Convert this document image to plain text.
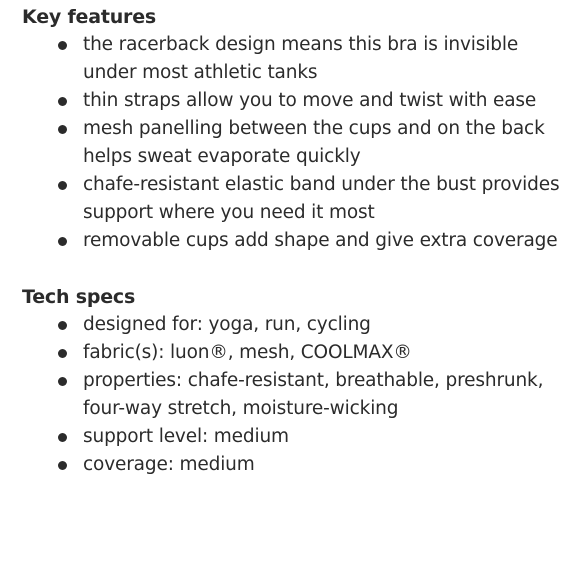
Key features
the racerback design means this bra is invisible under most athletic tanks
thin straps allow you to move and twist with ease
mesh panelling between the cups and on the back helps sweat evaporate quickly
chafe-resistant elastic band under the bust provides support where you need it most
removable cups add shape and give extra coverage
Tech specs
designed for: yoga, run, cycling
fabric(s): luon®, mesh, COOLMAX®
properties: chafe-resistant, breathable, preshrunk, four-way stretch, moisture-wicking
support level: medium
coverage: medium
